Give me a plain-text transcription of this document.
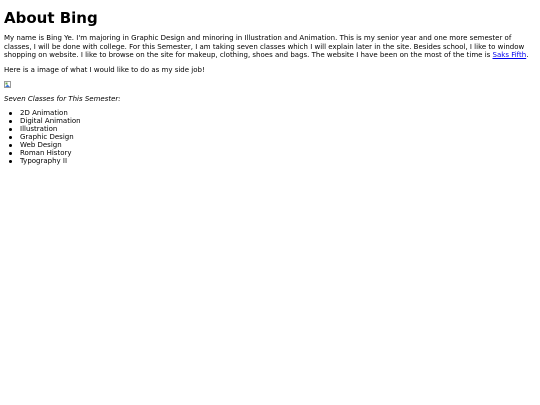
About Bing

My name is Bing Ye. I'm majoring in Graphic Design and minoring in Illustration and Animation. This is my senior year and one more semester of classes, I will be done with college. For this Semester, I am taking seven classes which I will explain later in the site. Besides school, I like to window shopping on website. I like to browse on the site for makeup, clothing, shoes and bags. The website I have been on the most of the time is Saks Fifth.

Here is a image of what I would like to do as my side job!

Seven Classes for This Semester:

2D Animation
Digital Animation
Illustration
Graphic Design
Web Design
Roman History
Typography II
